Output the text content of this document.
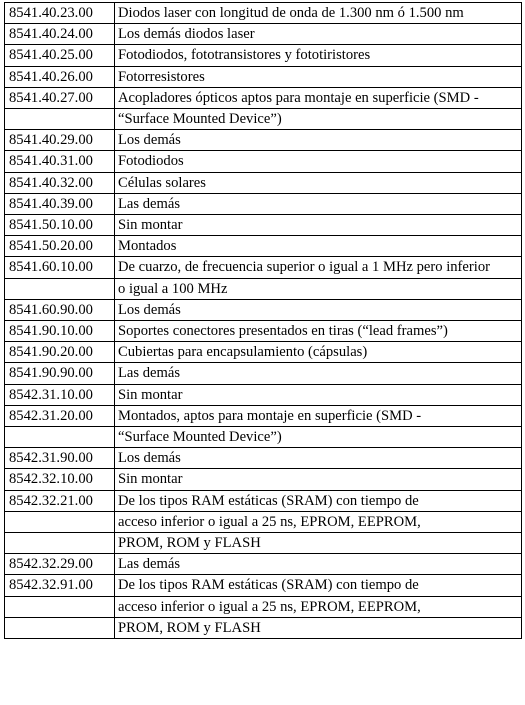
8541.40.23.00	Diodos laser con longitud de onda de 1.300 nm ó 1.500 nm
8541.40.24.00	Los demás diodos laser
8541.40.25.00	Fotodiodos, fototransistores y fototiristores
8541.40.26.00	Fotorresistores
8541.40.27.00	Acopladores ópticos aptos para montaje en superficie (SMD -
	“Surface Mounted Device”)
8541.40.29.00	Los demás
8541.40.31.00	Fotodiodos
8541.40.32.00	Células solares
8541.40.39.00	Las demás
8541.50.10.00	Sin montar
8541.50.20.00	Montados
8541.60.10.00	De cuarzo, de frecuencia superior o igual a 1 MHz pero inferior
	o igual a 100 MHz
8541.60.90.00	Los demás
8541.90.10.00	Soportes conectores presentados en tiras (“lead frames”)
8541.90.20.00	Cubiertas para encapsulamiento (cápsulas)
8541.90.90.00	Las demás
8542.31.10.00	Sin montar
8542.31.20.00	Montados, aptos para montaje en superficie (SMD -
	“Surface Mounted Device”)
8542.31.90.00	Los demás
8542.32.10.00	Sin montar
8542.32.21.00	De los tipos RAM estáticas (SRAM) con tiempo de
	acceso inferior o igual a 25 ns, EPROM, EEPROM,
	PROM, ROM y FLASH
8542.32.29.00	Las demás
8542.32.91.00	De los tipos RAM estáticas (SRAM) con tiempo de
	acceso inferior o igual a 25 ns, EPROM, EEPROM,
	PROM, ROM y FLASH
